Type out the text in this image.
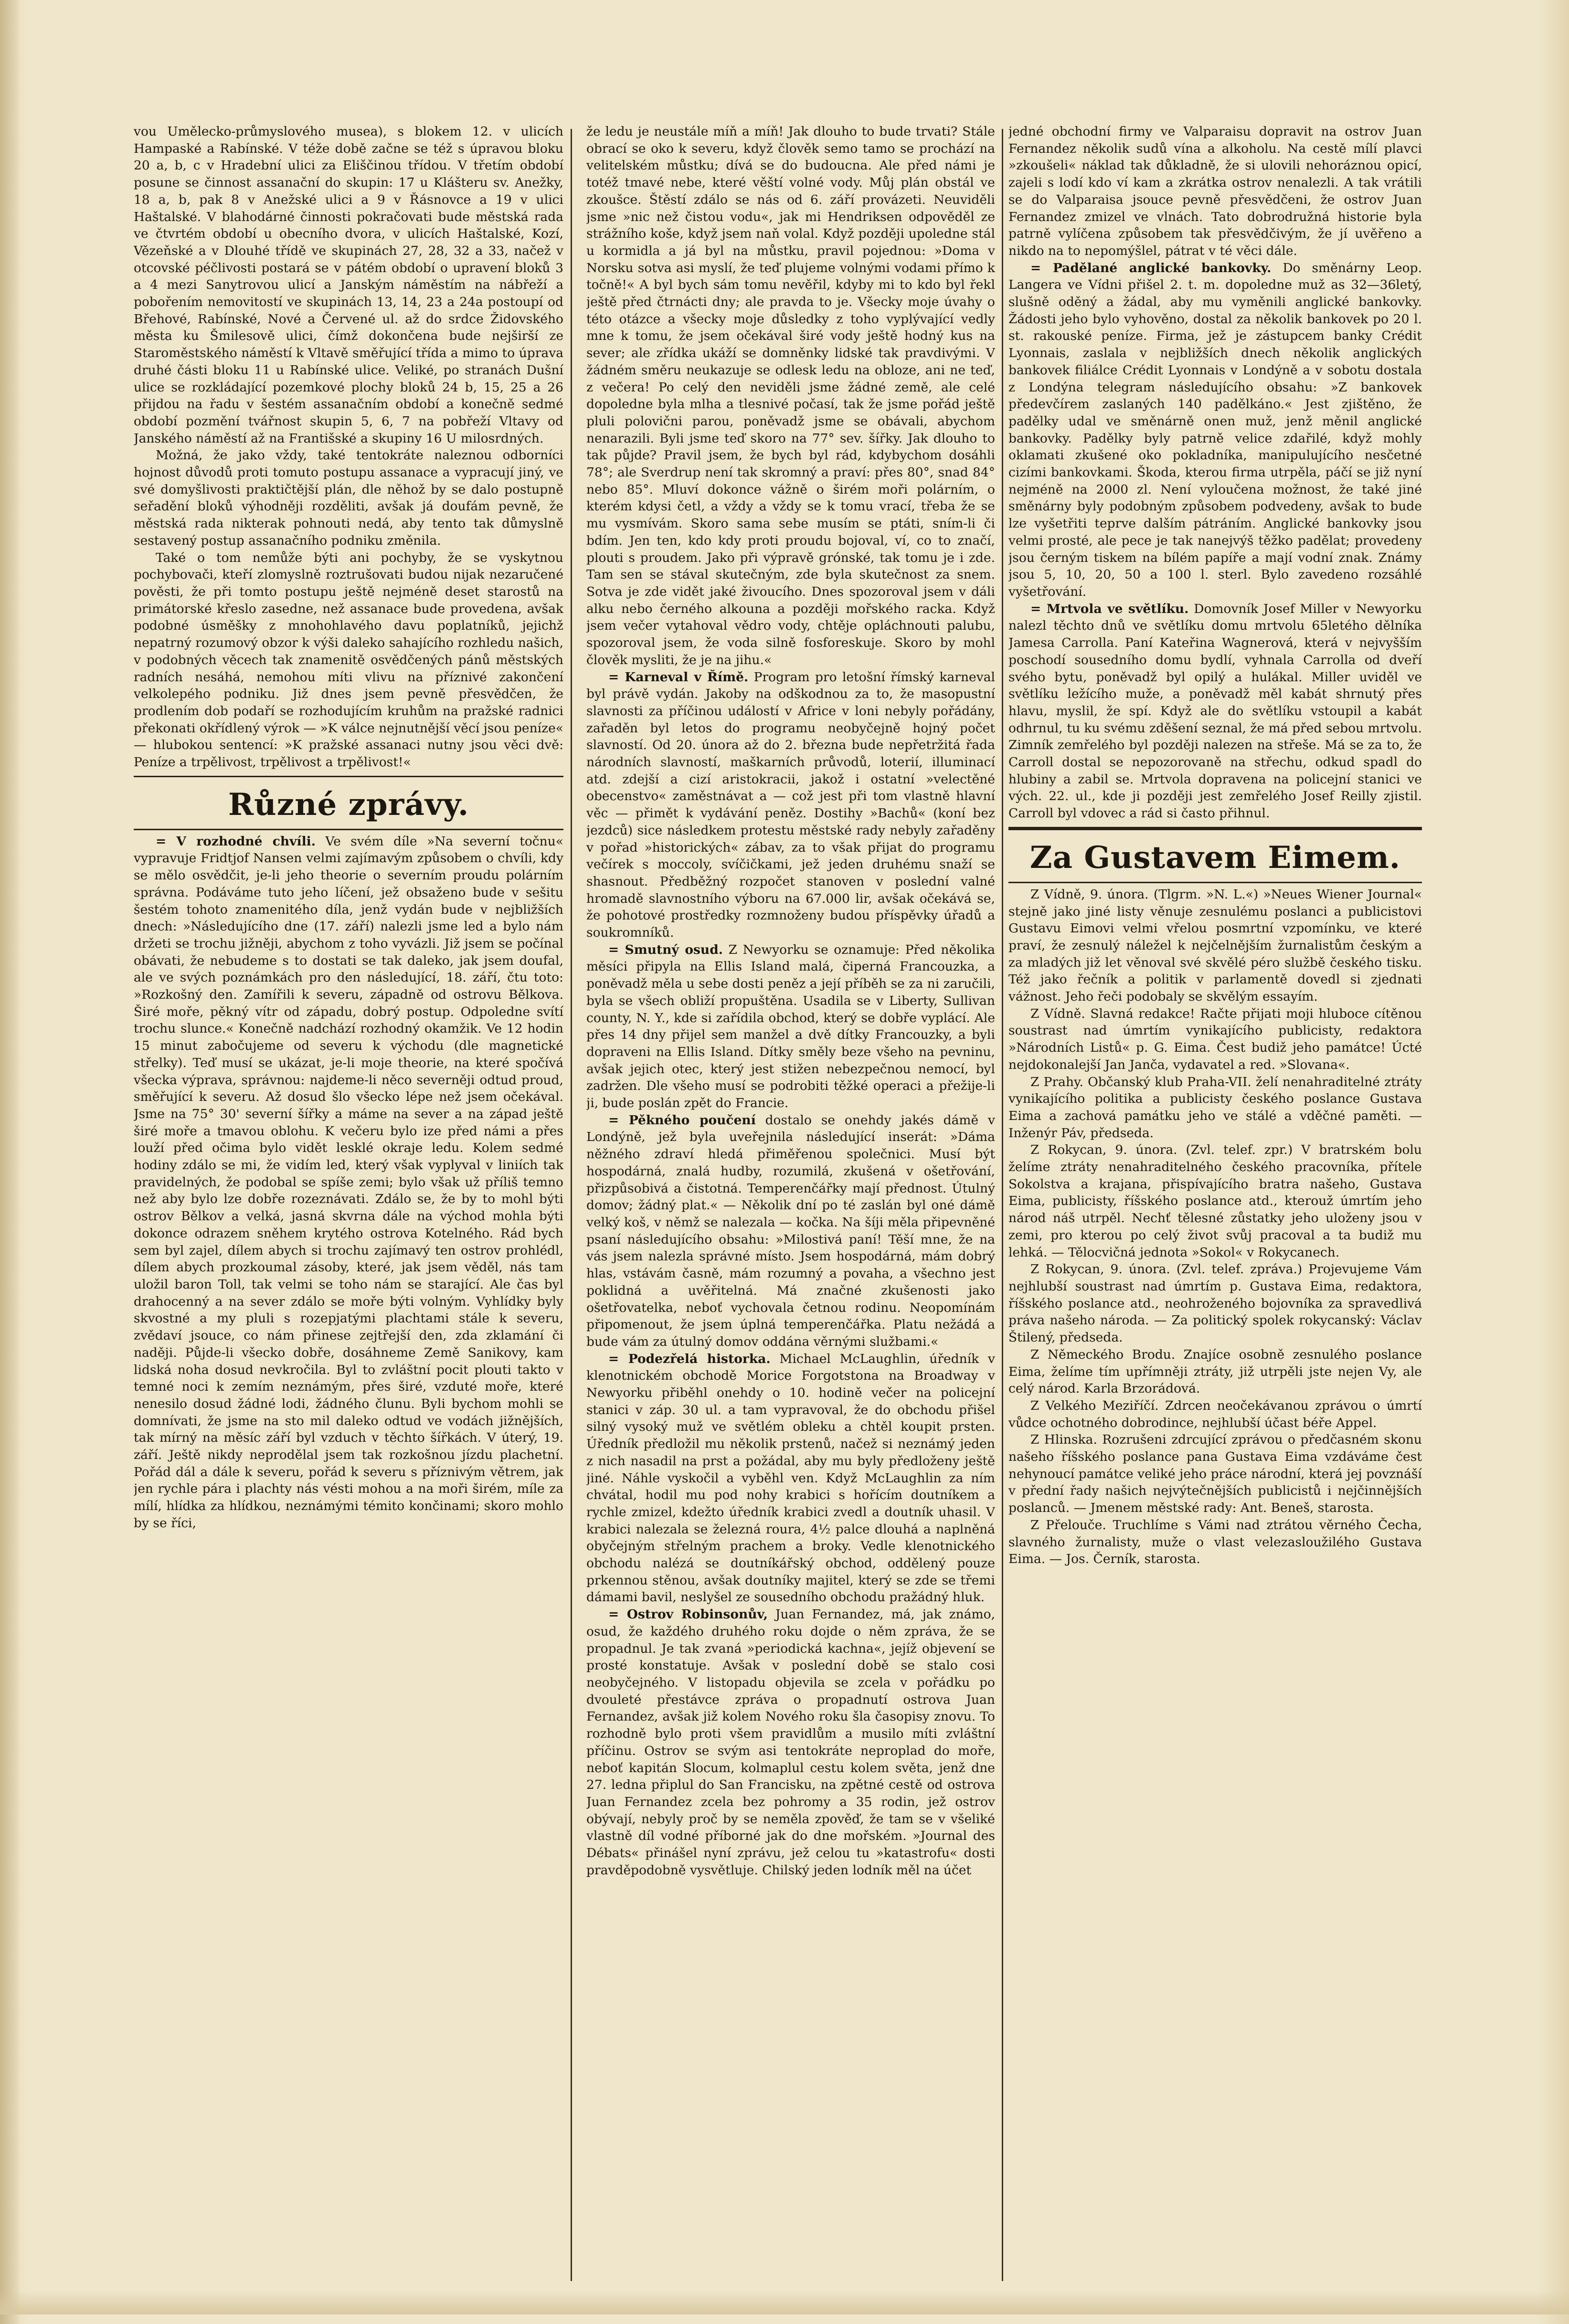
vou Umělecko-průmyslového musea), s blokem 12. v ulicích Hampaské a Rabínské. V téže době začne se též s úpravou bloku 20 a, b, c v Hradební ulici za Eliščinou třídou. V třetím období posune se činnost assanační do skupin: 17 u Klášteru sv. Anežky, 18 a, b, pak 8 v Anežské ulici a 9 v Řásnovce a 19 v ulici Haštalské. V blahodárné činnosti pokračovati bude městská rada ve čtvrtém období u obecního dvora, v ulicích Haštalské, Kozí, Vězeňské a v Dlouhé třídě ve skupinách 27, 28, 32 a 33, načež v otcovské péčlivosti postará se v pátém období o upravení bloků 3 a 4 mezi Sanytrovou ulicí a Janským náměstím na nábřeží a pobořením nemovitostí ve skupinách 13, 14, 23 a 24a postoupí od Břehové, Rabínské, Nové a Červené ul. až do srdce Židovského města ku Šmilesově ulici, čímž dokončena bude nejširší ze Staroměstského náměstí k Vltavě směřující třída a mimo to úprava druhé části bloku 11 u Rabínské ulice. Veliké, po stranách Dušní ulice se rozkládající pozemkové plochy bloků 24 b, 15, 25 a 26 přijdou na řadu v šestém assanačním období a konečně sedmé období pozmění tvářnost skupin 5, 6, 7 na pobřeží Vltavy od Janského náměstí až na Františské a skupiny 16 U milosrdných.

Možná, že jako vždy, také tentokráte naleznou odborníci hojnost důvodů proti tomuto postupu assanace a vypracují jiný, ve své domyšlivosti praktičtější plán, dle něhož by se dalo postupně seřadění bloků výhodněji rozděliti, avšak já doufám pevně, že městská rada nikterak pohnouti nedá, aby tento tak důmyslně sestavený postup assanačního podniku změnila.

Také o tom nemůže býti ani pochyby, že se vyskytnou pochybovači, kteří zlomyslně roztrušovati budou nijak nezaručené pověsti, že při tomto postupu ještě nejméně deset starostů na primátorské křeslo zasedne, než assanace bude provedena, avšak podobné úsměšky z mnohohlavého davu poplatníků, jejichž nepatrný rozumový obzor k výši daleko sahajícího rozhledu našich, v podobných věcech tak znamenitě osvědčených pánů městských radních nesáhá, nemohou míti vlivu na příznivé zakončení velkolepého podniku. Již dnes jsem pevně přesvědčen, že prodlením dob podaří se rozhodujícím kruhům na pražské radnici překonati okřídlený výrok — »K válce nejnutnější věcí jsou peníze« — hlubokou sentencí: »K pražské assanaci nutny jsou věci dvě: Peníze a trpělivost, trpělivost a trpělivost!«

Různé zprávy.

= V rozhodné chvíli. Ve svém díle »Na severní točnu« vypravuje Fridtjof Nansen velmi zajímavým způsobem o chvíli, kdy se mělo osvědčit, je-li jeho theorie o severním proudu polárním správna. Podáváme tuto jeho líčení, jež obsaženo bude v sešitu šestém tohoto znamenitého díla, jenž vydán bude v nejbližších dnech: »Následujícího dne (17. září) nalezli jsme led a bylo nám držeti se trochu jižněji, abychom z toho vyvázli. Již jsem se počínal obávati, že nebudeme s to dostati se tak daleko, jak jsem doufal, ale ve svých poznámkách pro den následující, 18. září, čtu toto: »Rozkošný den. Zamířili k severu, západně od ostrovu Bělkova. Širé moře, pěkný vítr od západu, dobrý postup. Odpoledne svítí trochu slunce.« Konečně nadchází rozhodný okamžik. Ve 12 hodin 15 minut zabočujeme od severu k východu (dle magnetické střelky). Teď musí se ukázat, je-li moje theorie, na které spočívá všecka výprava, správnou: najdeme-li něco severněji odtud proud, směřující k severu. Až dosud šlo všecko lépe než jsem očekával. Jsme na 75° 30' severní šířky a máme na sever a na západ ještě širé moře a tmavou oblohu. K večeru bylo ize před námi a přes louží před očima bylo vidět lesklé okraje ledu. Kolem sedmé hodiny zdálo se mi, že vidím led, který však vyplyval v liniích tak pravidelných, že podobal se spíše zemi; bylo však už příliš temno než aby bylo lze dobře rozeznávati. Zdálo se, že by to mohl býti ostrov Bělkov a velká, jasná skvrna dále na východ mohla býti dokonce odrazem sněhem krytého ostrova Kotelného. Rád bych sem byl zajel, dílem abych si trochu zajímavý ten ostrov prohlédl, dílem abych prozkoumal zásoby, které, jak jsem věděl, nás tam uložil baron Toll, tak velmi se toho nám se starající. Ale čas byl drahocenný a na sever zdálo se moře býti volným. Vyhlídky byly skvostné a my pluli s rozepjatými plachtami stále k severu, zvědaví jsouce, co nám přinese zejtřejší den, zda zklamání či naději. Půjde-li všecko dobře, dosáhneme Země Sanikovy, kam lidská noha dosud nevkročila. Byl to zvláštní pocit plouti takto v temné noci k zemím neznámým, přes širé, vzduté moře, které nenesilo dosud žádné lodi, žádného člunu. Byli bychom mohli se domnívati, že jsme na sto mil daleko odtud ve vodách jižnějších, tak mírný na měsíc září byl vzduch v těchto šířkách. V úterý, 19. září. Ještě nikdy neprodělal jsem tak rozkošnou jízdu plachetní. Pořád dál a dále k severu, pořád k severu s příznivým větrem, jak jen rychle pára i plachty nás vésti mohou a na moři širém, míle za mílí, hlídka za hlídkou, neznámými témito končinami; skoro mohlo by se říci,

že ledu je neustále míň a míň! Jak dlouho to bude trvati? Stále obrací se oko k severu, když člověk semo tamo se prochází na velitelském můstku; dívá se do budoucna. Ale před námi je totéž tmavé nebe, které věští volné vody. Můj plán obstál ve zkoušce. Štěstí zdálo se nás od 6. září provázeti. Neuviděli jsme »nic než čistou vodu«, jak mi Hendriksen odpověděl ze strážního koše, když jsem naň volal. Když později upoledne stál u kormidla a já byl na můstku, pravil pojednou: »Doma v Norsku sotva asi myslí, že teď plujeme volnými vodami přímo k točně!« A byl bych sám tomu nevěřil, kdyby mi to kdo byl řekl ještě před čtrnácti dny; ale pravda to je. Všecky moje úvahy o této otázce a všecky moje důsledky z toho vyplývající vedly mne k tomu, že jsem očekával širé vody ještě hodný kus na sever; ale zřídka ukáží se domněnky lidské tak pravdivými. V žádném směru neukazuje se odlesk ledu na obloze, ani ne teď, z večera! Po celý den neviděli jsme žádné země, ale celé dopoledne byla mlha a tlesnivé počasí, tak že jsme pořád ještě pluli polovični parou, poněvadž jsme se obávali, abychom nenarazili. Byli jsme teď skoro na 77° sev. šířky. Jak dlouho to tak půjde? Pravil jsem, že bych byl rád, kdybychom dosáhli 78°; ale Sverdrup není tak skromný a praví: přes 80°, snad 84° nebo 85°. Mluví dokonce vážně o širém moři polárním, o kterém kdysi četl, a vždy a vždy se k tomu vrací, třeba že se mu vysmívám. Skoro sama sebe musím se ptáti, sním-li či bdím. Jen ten, kdo kdy proti proudu bojoval, ví, co to značí, plouti s proudem. Jako při výpravě grónské, tak tomu je i zde. Tam sen se stával skutečným, zde byla skutečnost za snem. Sotva je zde vidět jaké živoucího. Dnes spozoroval jsem v dáli alku nebo černého alkouna a později mořského racka. Když jsem večer vytahoval vědro vody, chtěje opláchnouti palubu, spozoroval jsem, že voda silně fosforeskuje. Skoro by mohl člověk mysliti, že je na jihu.«

= Karneval v Římě. Program pro letošní římský karneval byl právě vydán. Jakoby na odškodnou za to, že masopustní slavnosti za příčinou událostí v Africe v loni nebyly pořádány, zařaděn byl letos do programu neobyčejně hojný počet slavností. Od 20. února až do 2. března bude nepřetržitá řada národních slavností, maškarních průvodů, loterií, illuminací atd. zdejší a cizí aristokracii, jakož i ostatní »velectěné obecenstvo« zaměstnávat a — což jest při tom vlastně hlavní věc — přimět k vydávání peněz. Dostihy »Bachů« (koní bez jezdců) sice následkem protestu městské rady nebyly zařaděny v pořad »historických« zábav, za to však přijat do programu večírek s moccoly, svíčičkami, jež jeden druhému snaží se shasnout. Předběžný rozpočet stanoven v poslední valné hromadě slavnostního výboru na 67.000 lir, avšak očekává se, že pohotové prostředky rozmnoženy budou příspěvky úřadů a soukromníků.

= Smutný osud. Z Newyorku se oznamuje: Před několika měsíci připyla na Ellis Island malá, čiperná Francouzka, a poněvadž měla u sebe dosti peněz a její příběh se za ni zaručili, byla se všech obliží propuštěna. Usadila se v Liberty, Sullivan county, N. Y., kde si zařídila obchod, který se dobře vyplácí. Ale přes 14 dny přijel sem manžel a dvě dítky Francouzky, a byli dopraveni na Ellis Island. Dítky směly beze všeho na pevninu, avšak jejich otec, který jest stižen nebezpečnou nemocí, byl zadržen. Dle všeho musí se podrobiti těžké operaci a přežije-li ji, bude poslán zpět do Francie.

= Pěkného poučení dostalo se onehdy jakés dámě v Londýně, jež byla uveřejnila následující inserát: »Dáma něžného zdraví hledá přiměřenou společnici. Musí být hospodárná, znalá hudby, rozumilá, zkušená v ošetřování, přizpůsobivá a čistotná. Temperenčářky mají přednost. Útulný domov; žádný plat.« — Několik dní po té zaslán byl oné dámě velký koš, v němž se nalezala — kočka. Na šíji měla připevněné psaní následujícího obsahu: »Milostivá paní! Těší mne, že na vás jsem nalezla správné místo. Jsem hospodárná, mám dobrý hlas, vstávám časně, mám rozumný a povaha, a všechno jest poklidná a uvěřitelná. Má značné zkušenosti jako ošetřovatelka, neboť vychovala četnou rodinu. Neopomínám připomenout, že jsem úplná temperenčářka. Platu nežádá a bude vám za útulný domov oddána věrnými službami.«

= Podezřelá historka. Michael McLaughlin, úředník v klenotnickém obchodě Morice Forgotstona na Broadway v Newyorku přiběhl onehdy o 10. hodině večer na policejní stanici v záp. 30 ul. a tam vypravoval, že do obchodu přišel silný vysoký muž ve světlém obleku a chtěl koupit prsten. Úředník předložil mu několik prstenů, načež si neznámý jeden z nich nasadil na prst a požádal, aby mu byly předloženy ještě jiné. Náhle vyskočil a vyběhl ven. Když McLaughlin za ním chvátal, hodil mu pod nohy krabici s hořícím doutníkem a rychle zmizel, kdežto úředník krabici zvedl a doutník uhasil. V krabici nalezala se železná roura, 4½ palce dlouhá a naplněná obyčejným střelným prachem a broky. Vedle klenotnického obchodu nalézá se doutníkářský obchod, oddělený pouze prkennou stěnou, avšak doutníky majitel, který se zde se třemi dámami bavil, neslyšel ze sousedního obchodu pražádný hluk.

= Ostrov Robinsonův, Juan Fernandez, má, jak známo, osud, že každého druhého roku dojde o něm zpráva, že se propadnul. Je tak zvaná »periodická kachna«, jejíž objevení se prosté konstatuje. Avšak v poslední době se stalo cosi neobyčejného. V listopadu objevila se zcela v pořádku po dvouleté přestávce zpráva o propadnutí ostrova Juan Fernandez, avšak již kolem Nového roku šla časopisy znovu. To rozhodně bylo proti všem pravidlům a musilo míti zvláštní příčinu. Ostrov se svým asi tentokráte neproplad do moře, neboť kapitán Slocum, kolmaplul cestu kolem světa, jenž dne 27. ledna připlul do San Francisku, na zpětné cestě od ostrova Juan Fernandez zcela bez pohromy a 35 rodin, jež ostrov obývají, nebyly proč by se neměla zpověď, že tam se v všeliké vlastně díl vodné příborné jak do dne mořském. »Journal des Débats« přinášel nyní zprávu, jež celou tu »katastrofu« dosti pravděpodobně vysvětluje. Chilský jeden lodník měl na účet

jedné obchodní firmy ve Valparaisu dopravit na ostrov Juan Fernandez několik sudů vína a alkoholu. Na cestě mílí plavci »zkoušeli« náklad tak důkladně, že si ulovili nehoráznou opicí, zajeli s lodí kdo ví kam a zkrátka ostrov nenalezli. A tak vrátili se do Valparaisa jsouce pevně přesvědčeni, že ostrov Juan Fernandez zmizel ve vlnách. Tato dobrodružná historie byla patrně vylíčena způsobem tak přesvědčivým, že jí uvěřeno a nikdo na to nepomýšlel, pátrat v té věci dále.

= Padělané anglické bankovky. Do směnárny Leop. Langera ve Vídni přišel 2. t. m. dopoledne muž as 32—36letý, slušně oděný a žádal, aby mu vyměnili anglické bankovky. Žádosti jeho bylo vyhověno, dostal za několik bankovek po 20 l. st. rakouské peníze. Firma, jež je zástupcem banky Crédit Lyonnais, zaslala v nejbližších dnech několik anglických bankovek filiálce Crédit Lyonnais v Londýně a v sobotu dostala z Londýna telegram následujícího obsahu: »Z bankovek předevčírem zaslaných 140 padělkáno.« Jest zjištěno, že padělky udal ve směnárně onen muž, jenž měnil anglické bankovky. Padělky byly patrně velice zdařilé, když mohly oklamati zkušené oko pokladníka, manipulujícího nesčetné cizími bankovkami. Škoda, kterou firma utrpěla, páčí se již nyní nejméně na 2000 zl. Není vyloučena možnost, že také jiné směnárny byly podobným způsobem podvedeny, avšak to bude lze vyšetřiti teprve dalším pátráním. Anglické bankovky jsou velmi prosté, ale pece je tak nanejvýš těžko padělat; provedeny jsou černým tiskem na bílém papíře a mají vodní znak. Známy jsou 5, 10, 20, 50 a 100 l. sterl. Bylo zavedeno rozsáhlé vyšetřování.

= Mrtvola ve světlíku. Domovník Josef Miller v Newyorku nalezl těchto dnů ve světlíku domu mrtvolu 65letého dělníka Jamesa Carrolla. Paní Kateřina Wagnerová, která v nejvyšším poschodí sousedního domu bydlí, vyhnala Carrolla od dveří svého bytu, poněvadž byl opilý a hulákal. Miller uviděl ve světlíku ležícího muže, a poněvadž měl kabát shrnutý přes hlavu, myslil, že spí. Když ale do světlíku vstoupil a kabát odhrnul, tu ku svému zděšení seznal, že má před sebou mrtvolu. Zimník zemřelého byl později nalezen na střeše. Má se za to, že Carroll dostal se nepozorovaně na střechu, odkud spadl do hlubiny a zabil se. Mrtvola dopravena na policejní stanici ve vých. 22. ul., kde ji později jest zemřelého Josef Reilly zjistil. Carroll byl vdovec a rád si často přihnul.

Za Gustavem Eimem.

Z Vídně, 9. února. (Tlgrm. »N. L.«) »Neues Wiener Journal« stejně jako jiné listy věnuje zesnulému poslanci a publicistovi Gustavu Eimovi velmi vřelou posmrtní vzpomínku, ve které praví, že zesnulý náležel k nejčelnějším žurnalistům českým a za mladých již let věnoval své skvělé péro službě českého tisku. Též jako řečník a politik v parlamentě dovedl si zjednati vážnost. Jeho řeči podobaly se skvělým essayím.

Z Vídně. Slavná redakce! Račte přijati moji hluboce cítěnou soustrast nad úmrtím vynikajícího publicisty, redaktora »Národních Listů« p. G. Eima. Čest budiž jeho památce! Úcté nejdokonalejší Jan Janča, vydavatel a red. »Slovana«.

Z Prahy. Občanský klub Praha-VII. želí nenahraditelné ztráty vynikajícího politika a publicisty českého poslance Gustava Eima a zachová památku jeho ve stálé a vděčné paměti. — Inženýr Páv, předseda.

Z Rokycan, 9. února. (Zvl. telef. zpr.) V bratrském bolu želíme ztráty nenahraditelného českého pracovníka, přítele Sokolstva a krajana, přispívajícího bratra našeho, Gustava Eima, publicisty, říšského poslance atd., kterouž úmrtím jeho národ náš utrpěl. Nechť tělesné zůstatky jeho uloženy jsou v zemi, pro kterou po celý život svůj pracoval a ta budiž mu lehká. — Tělocvičná jednota »Sokol« v Rokycanech.

Z Rokycan, 9. února. (Zvl. telef. zpráva.) Projevujeme Vám nejhlubší soustrast nad úmrtím p. Gustava Eima, redaktora, říšského poslance atd., neohroženého bojovníka za spravedlivá práva našeho národa. — Za politický spolek rokycanský: Václav Štilený, předseda.

Z Německého Brodu. Znajíce osobně zesnulého poslance Eima, želíme tím upřímněji ztráty, již utrpěli jste nejen Vy, ale celý národ. Karla Brzorádová.

Z Velkého Meziříčí. Zdrcen neočekávanou zprávou o úmrtí vůdce ochotného dobrodince, nejhlubší účast béře Appel.

Z Hlinska. Rozrušeni zdrcující zprávou o předčasném skonu našeho říšského poslance pana Gustava Eima vzdáváme čest nehynoucí památce veliké jeho práce národní, která jej povznáší v přední řady našich nejvýtečnějších publicistů i nejčinnějších poslanců. — Jmenem městské rady: Ant. Beneš, starosta.

Z Přelouče. Truchlíme s Vámi nad ztrátou věrného Čecha, slavného žurnalisty, muže o vlast velezasloužilého Gustava Eima. — Jos. Černík, starosta.
